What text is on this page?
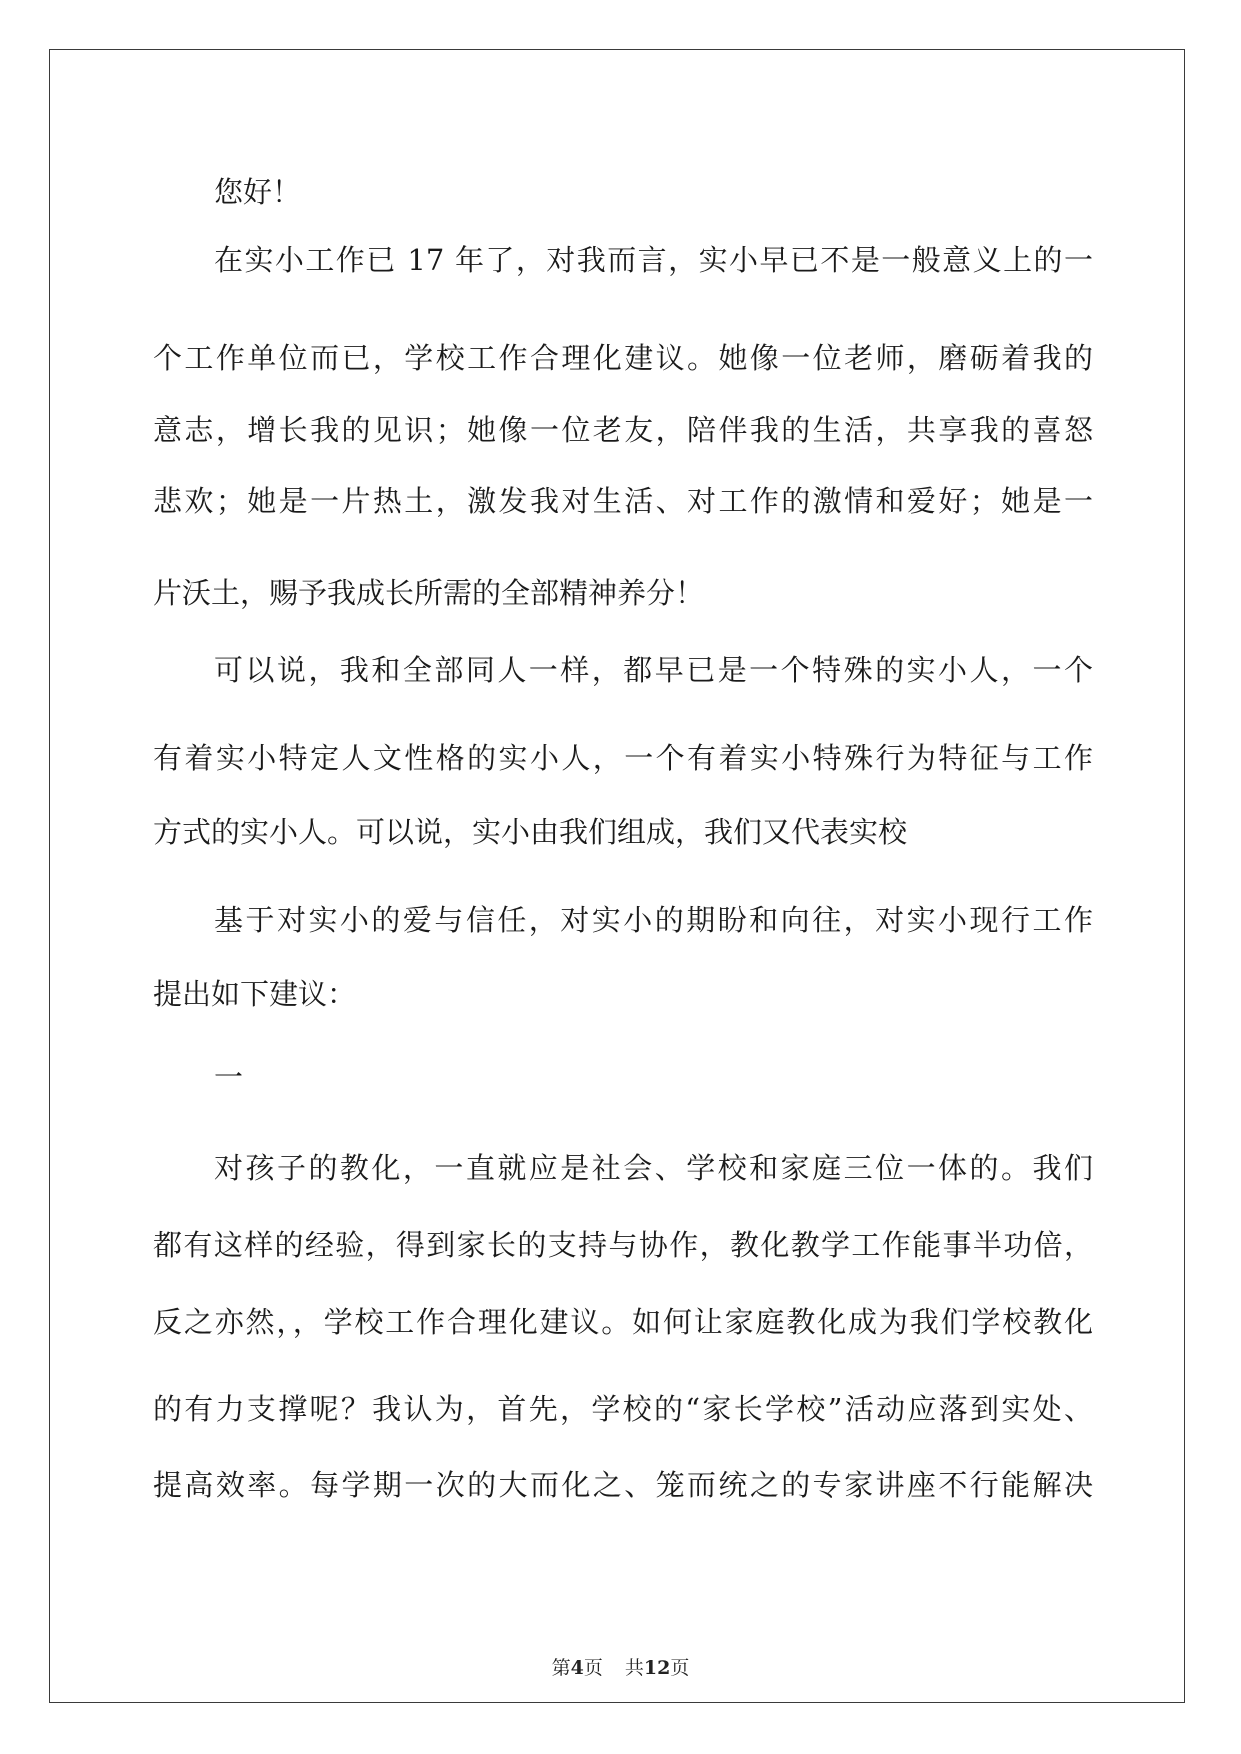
您好！
在实小工作已 17 年了，对我而言，实小早已不是一般意义上的一
个工作单位而已，学校工作合理化建议。她像一位老师，磨砺着我的
意志，增长我的见识；她像一位老友，陪伴我的生活，共享我的喜怒
悲欢；她是一片热土，激发我对生活、对工作的激情和爱好；她是一
片沃土，赐予我成长所需的全部精神养分！
可以说，我和全部同人一样，都早已是一个特殊的实小人，一个
有着实小特定人文性格的实小人，一个有着实小特殊行为特征与工作
方式的实小人。可以说，实小由我们组成，我们又代表实校
基于对实小的爱与信任，对实小的期盼和向往，对实小现行工作
提出如下建议：
一
对孩子的教化，一直就应是社会、学校和家庭三位一体的。我们
都有这样的经验，得到家长的支持与协作，教化教学工作能事半功倍，
反之亦然，，学校工作合理化建议。如何让家庭教化成为我们学校教化
的有力支撑呢？我认为，首先，学校的“家长学校”活动应落到实处、
提高效率。每学期一次的大而化之、笼而统之的专家讲座不行能解决
第4页 共12页
